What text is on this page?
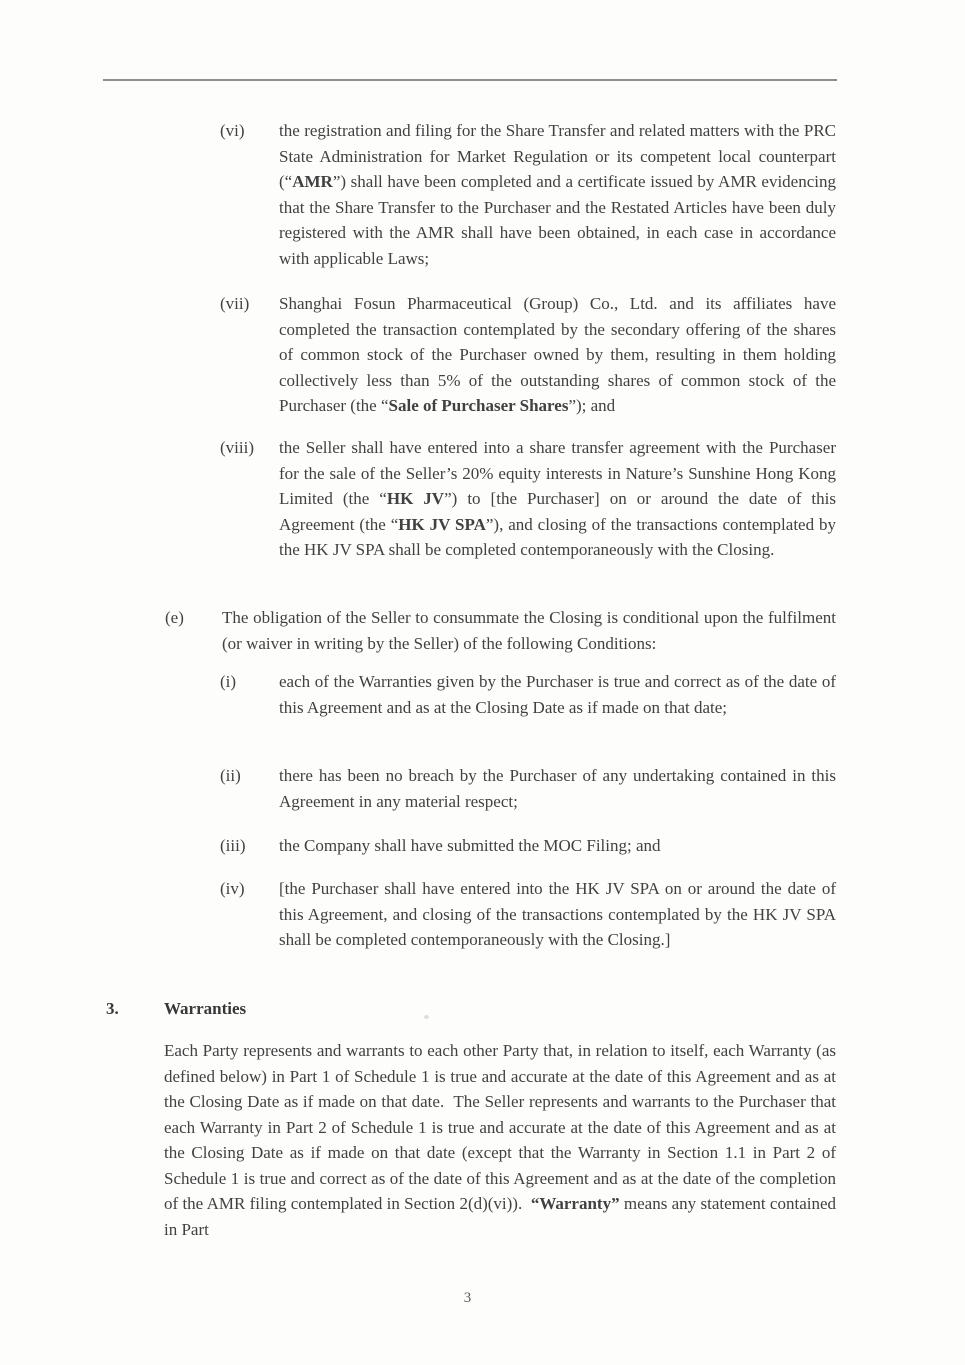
(vi)	the registration and filing for the Share Transfer and related matters with the PRC State Administration for Market Regulation or its competent local counterpart (“AMR”) shall have been completed and a certificate issued by AMR evidencing that the Share Transfer to the Purchaser and the Restated Articles have been duly registered with the AMR shall have been obtained, in each case in accordance with applicable Laws;
(vii)	Shanghai Fosun Pharmaceutical (Group) Co., Ltd. and its affiliates have completed the transaction contemplated by the secondary offering of the shares of common stock of the Purchaser owned by them, resulting in them holding collectively less than 5% of the outstanding shares of common stock of the Purchaser (the “Sale of Purchaser Shares”); and
(viii)	the Seller shall have entered into a share transfer agreement with the Purchaser for the sale of the Seller’s 20% equity interests in Nature’s Sunshine Hong Kong Limited (the “HK JV”) to [the Purchaser] on or around the date of this Agreement (the “HK JV SPA”), and closing of the transactions contemplated by the HK JV SPA shall be completed contemporaneously with the Closing.
(e)	The obligation of the Seller to consummate the Closing is conditional upon the fulfilment (or waiver in writing by the Seller) of the following Conditions:
(i)	each of the Warranties given by the Purchaser is true and correct as of the date of this Agreement and as at the Closing Date as if made on that date;
(ii)	there has been no breach by the Purchaser of any undertaking contained in this Agreement in any material respect;
(iii)	the Company shall have submitted the MOC Filing; and
(iv)	[the Purchaser shall have entered into the HK JV SPA on or around the date of this Agreement, and closing of the transactions contemplated by the HK JV SPA shall be completed contemporaneously with the Closing.]
3.	Warranties
Each Party represents and warrants to each other Party that, in relation to itself, each Warranty (as defined below) in Part 1 of Schedule 1 is true and accurate at the date of this Agreement and as at the Closing Date as if made on that date.  The Seller represents and warrants to the Purchaser that each Warranty in Part 2 of Schedule 1 is true and accurate at the date of this Agreement and as at the Closing Date as if made on that date (except that the Warranty in Section 1.1 in Part 2 of Schedule 1 is true and correct as of the date of this Agreement and as at the date of the completion of the AMR filing contemplated in Section 2(d)(vi)).  “Warranty” means any statement contained in Part
3
